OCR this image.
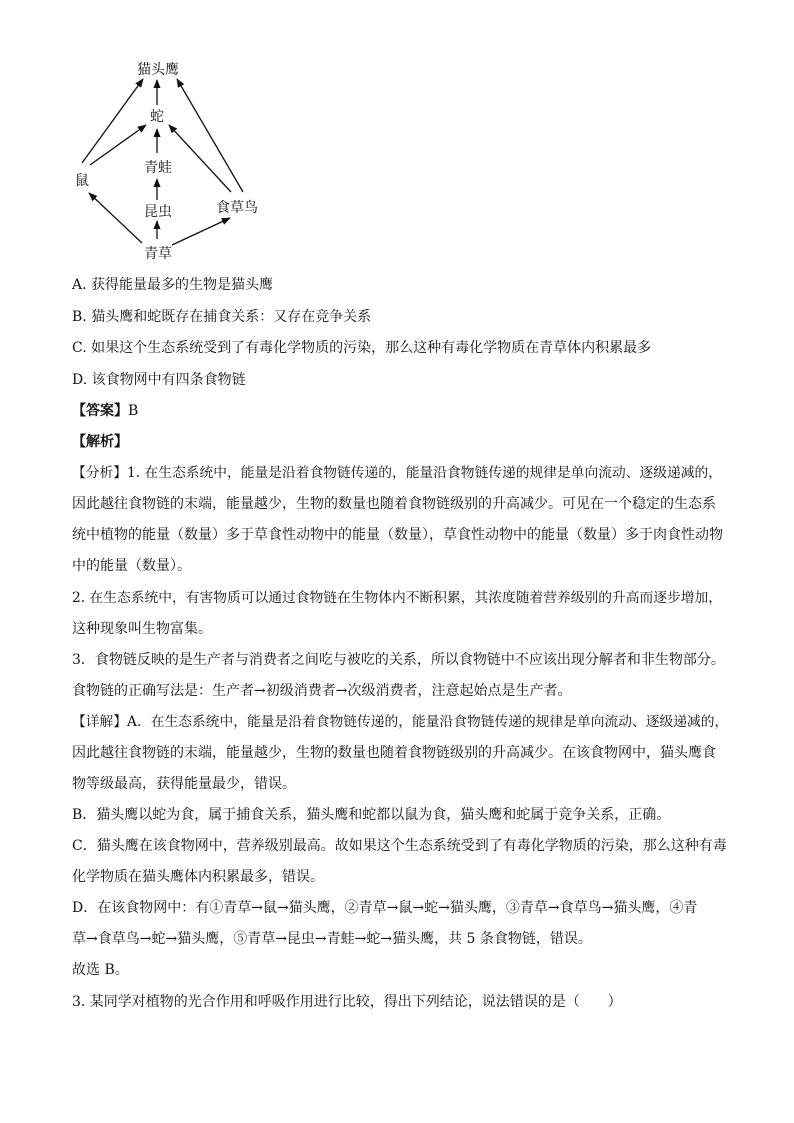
猫头鹰
蛇
青蛙
鼠
昆虫	食草鸟
青草
A. 获得能量最多的生物是猫头鹰
B. 猫头鹰和蛇既存在捕食关系：又存在竞争关系
C. 如果这个生态系统受到了有毒化学物质的污染，那么这种有毒化学物质在青草体内积累最多
D. 该食物网中有四条食物链
【答案】B
【解析】
【分析】1. 在生态系统中，能量是沿着食物链传递的，能量沿食物链传递的规律是单向流动、逐级递减的，
因此越往食物链的末端，能量越少，生物的数量也随着食物链级别的升高减少。可见在一个稳定的生态系
统中植物的能量（数量）多于草食性动物中的能量（数量），草食性动物中的能量（数量）多于肉食性动物
中的能量（数量）。
2. 在生态系统中，有害物质可以通过食物链在生物体内不断积累，其浓度随着营养级别的升高而逐步增加，
这种现象叫生物富集。
3．食物链反映的是生产者与消费者之间吃与被吃的关系，所以食物链中不应该出现分解者和非生物部分。
食物链的正确写法是：生产者→初级消费者→次级消费者，注意起始点是生产者。
【详解】A．在生态系统中，能量是沿着食物链传递的，能量沿食物链传递的规律是单向流动、逐级递减的，
因此越往食物链的末端，能量越少，生物的数量也随着食物链级别的升高减少。在该食物网中，猫头鹰食
物等级最高，获得能量最少，错误。
B．猫头鹰以蛇为食，属于捕食关系，猫头鹰和蛇都以鼠为食，猫头鹰和蛇属于竞争关系，正确。
C．猫头鹰在该食物网中，营养级别最高。故如果这个生态系统受到了有毒化学物质的污染，那么这种有毒
化学物质在猫头鹰体内积累最多，错误。
D．在该食物网中：有①青草→鼠→猫头鹰，②青草→鼠→蛇→猫头鹰，③青草→食草鸟→猫头鹰，④青
草→食草鸟→蛇→猫头鹰，⑤青草→昆虫→青蛙→蛇→猫头鹰，共 5 条食物链，错误。
故选 B。
3. 某同学对植物的光合作用和呼吸作用进行比较，得出下列结论，说法错误的是（　　）
